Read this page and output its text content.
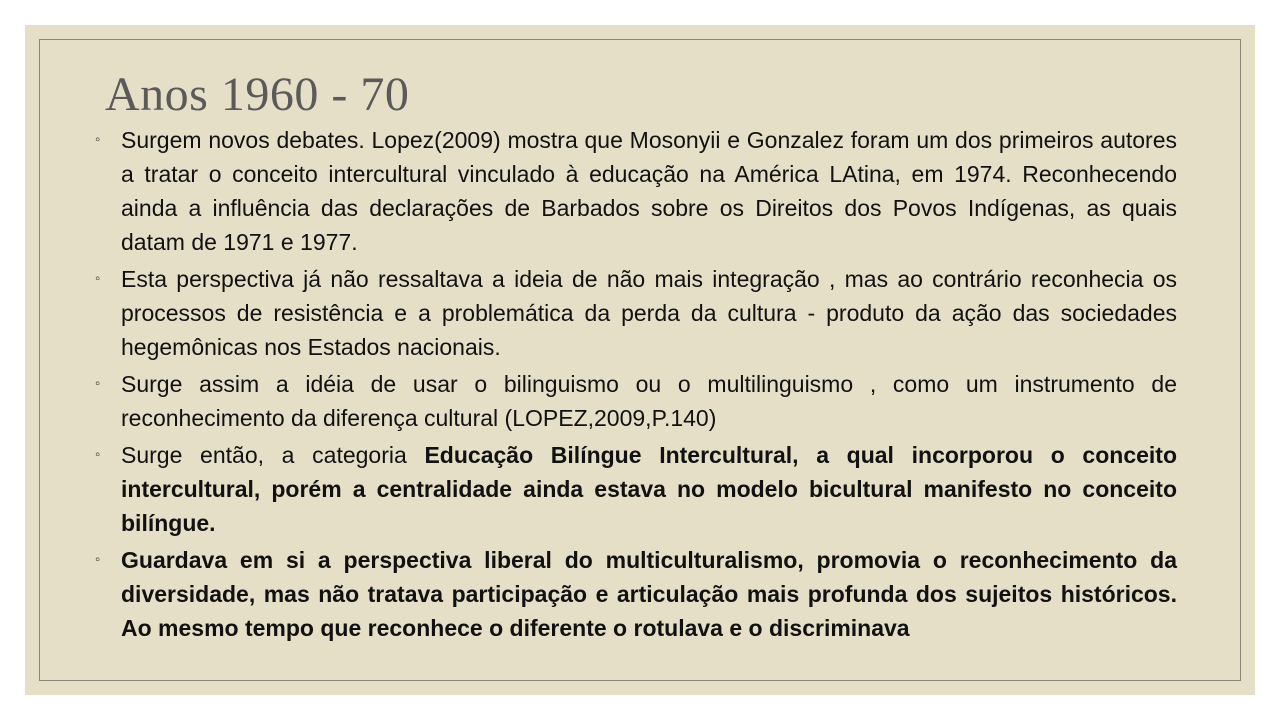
Anos 1960 - 70
◦ Surgem novos debates. Lopez(2009) mostra que Mosonyii e Gonzalez foram um dos primeiros autores a tratar o conceito intercultural vinculado à educação na América LAtina, em 1974. Reconhecendo ainda a influência das declarações de Barbados sobre os Direitos dos Povos Indígenas, as quais datam de 1971 e 1977.
◦ Esta perspectiva já não ressaltava a ideia de não mais integração , mas ao contrário reconhecia os processos de resistência e a problemática da perda da cultura - produto da ação das sociedades hegemônicas nos Estados nacionais.
◦ Surge assim a idéia de usar o bilinguismo ou o multilinguismo , como um instrumento de reconhecimento da diferença cultural (LOPEZ,2009,P.140)
◦ Surge então, a categoria Educação Bilíngue Intercultural, a qual incorporou o conceito intercultural, porém a centralidade ainda estava no modelo bicultural manifesto no conceito bilíngue.
◦ Guardava em si a perspectiva liberal do multiculturalismo, promovia o reconhecimento da diversidade, mas não tratava participação e articulação mais profunda dos sujeitos históricos. Ao mesmo tempo que reconhece o diferente o rotulava e o discriminava
